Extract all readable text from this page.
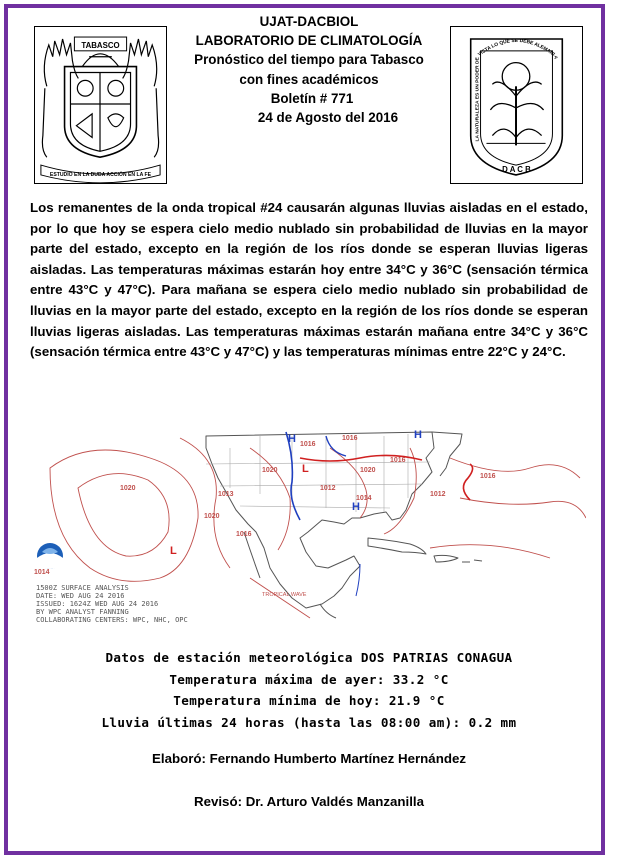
TABASCO
ESTUDIO EN LA DUDA ACCIÓN EN LA FE
LA NATURALEZA ES UN PODER DE VISTA LO QUE SE DEBE ALEMANIA
D A C B
UJAT-DACBIOL
LABORATORIO DE CLIMATOLOGÍA
Pronóstico del tiempo para Tabasco
con fines académicos
Boletín # 771
24 de Agosto del 2016
Los remanentes de la onda tropical #24 causarán algunas lluvias aisladas en el estado, por lo que hoy se espera cielo medio nublado sin probabilidad de lluvias en la mayor parte del estado, excepto en la región de los ríos donde se esperan lluvias ligeras aisladas. Las temperaturas máximas estarán hoy entre 34°C y 36°C (sensación térmica entre 43°C y 47°C). Para mañana se espera cielo medio nublado sin probabilidad de lluvias en la mayor parte del estado, excepto en la región de los ríos donde se esperan lluvias ligeras aisladas. Las temperaturas máximas estarán mañana entre 34°C y 36°C (sensación térmica entre 43°C y 47°C) y las temperaturas mínimas entre 22°C y 24°C.
1016
1020
1013
1020
1014
1012
1016
1014
1016
1016
1020
1020
1012
1016
H
H
H
L
L
TROPICAL WAVE
1500Z SURFACE ANALYSIS
DATE: WED AUG 24 2016
ISSUED: 1624Z WED AUG 24 2016
BY WPC ANALYST FANNING
COLLABORATING CENTERS: WPC, NHC, OPC
Datos de estación meteorológica DOS PATRIAS CONAGUA
Temperatura máxima de ayer: 33.2 °C
Temperatura mínima de hoy: 21.9 °C
Lluvia últimas 24 horas (hasta las 08:00 am): 0.2 mm
Elaboró: Fernando Humberto Martínez Hernández
Revisó: Dr. Arturo Valdés Manzanilla
